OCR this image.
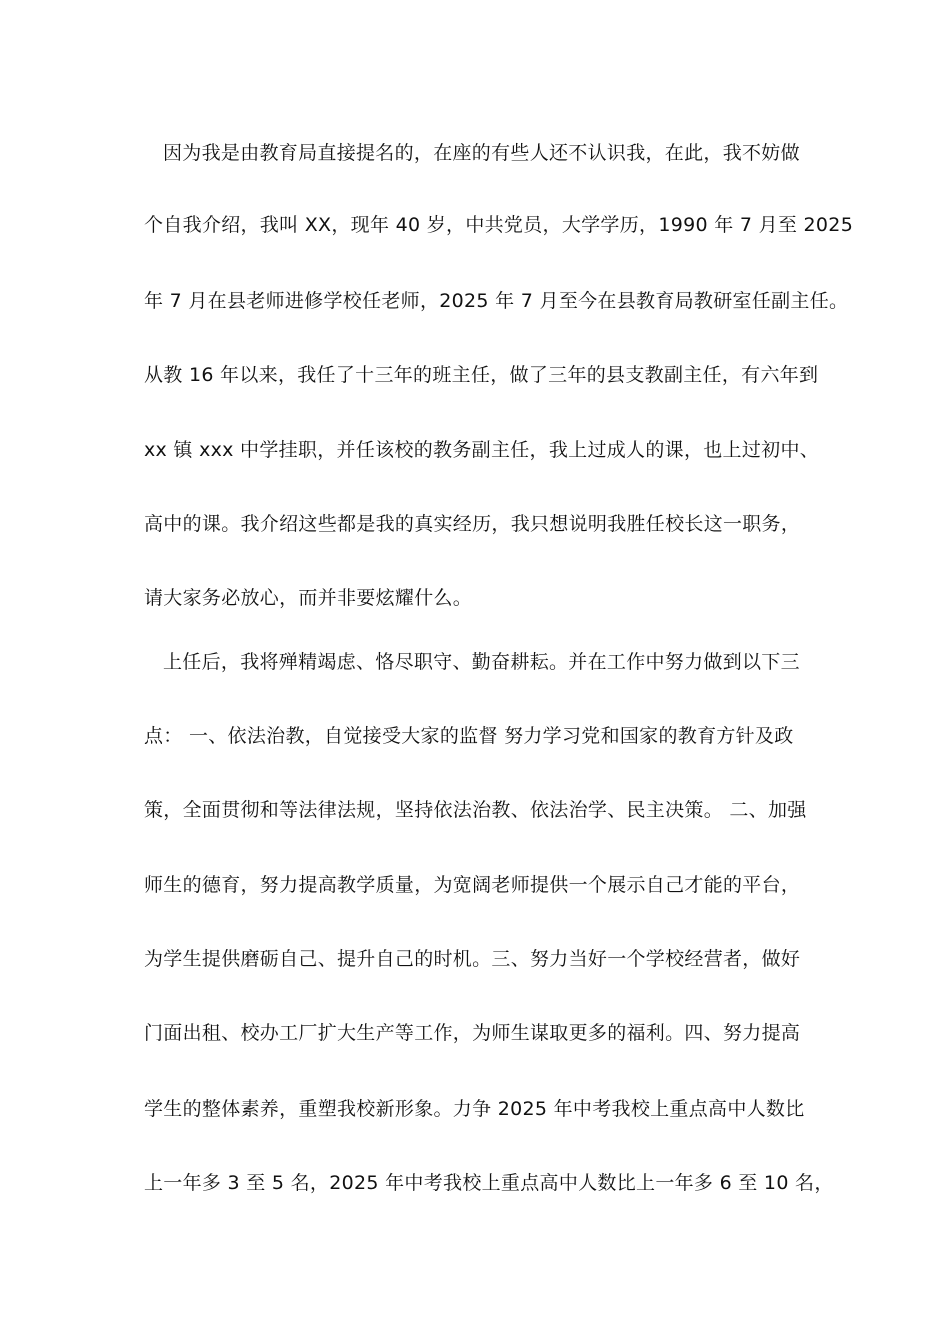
因为我是由教育局直接提名的，在座的有些人还不认识我，在此，我不妨做
个自我介绍，我叫 XX，现年 40 岁，中共党员，大学学历，1990 年 7 月至 2025
年 7 月在县老师进修学校任老师，2025 年 7 月至今在县教育局教研室任副主任。
从教 16 年以来，我任了十三年的班主任，做了三年的县支教副主任，有六年到
xx 镇 xxx 中学挂职，并任该校的教务副主任，我上过成人的课，也上过初中、
高中的课。我介绍这些都是我的真实经历，我只想说明我胜任校长这一职务，
请大家务必放心，而并非要炫耀什么。
上任后，我将殚精竭虑、恪尽职守、勤奋耕耘。并在工作中努力做到以下三
点： 一、依法治教，自觉接受大家的监督 努力学习党和国家的教育方针及政
策，全面贯彻和等法律法规，坚持依法治教、依法治学、民主决策。 二、加强
师生的德育，努力提高教学质量，为宽阔老师提供一个展示自己才能的平台，
为学生提供磨砺自己、提升自己的时机。三、努力当好一个学校经营者，做好
门面出租、校办工厂扩大生产等工作，为师生谋取更多的福利。四、努力提高
学生的整体素养，重塑我校新形象。力争 2025 年中考我校上重点高中人数比
上一年多 3 至 5 名，2025 年中考我校上重点高中人数比上一年多 6 至 10 名，
